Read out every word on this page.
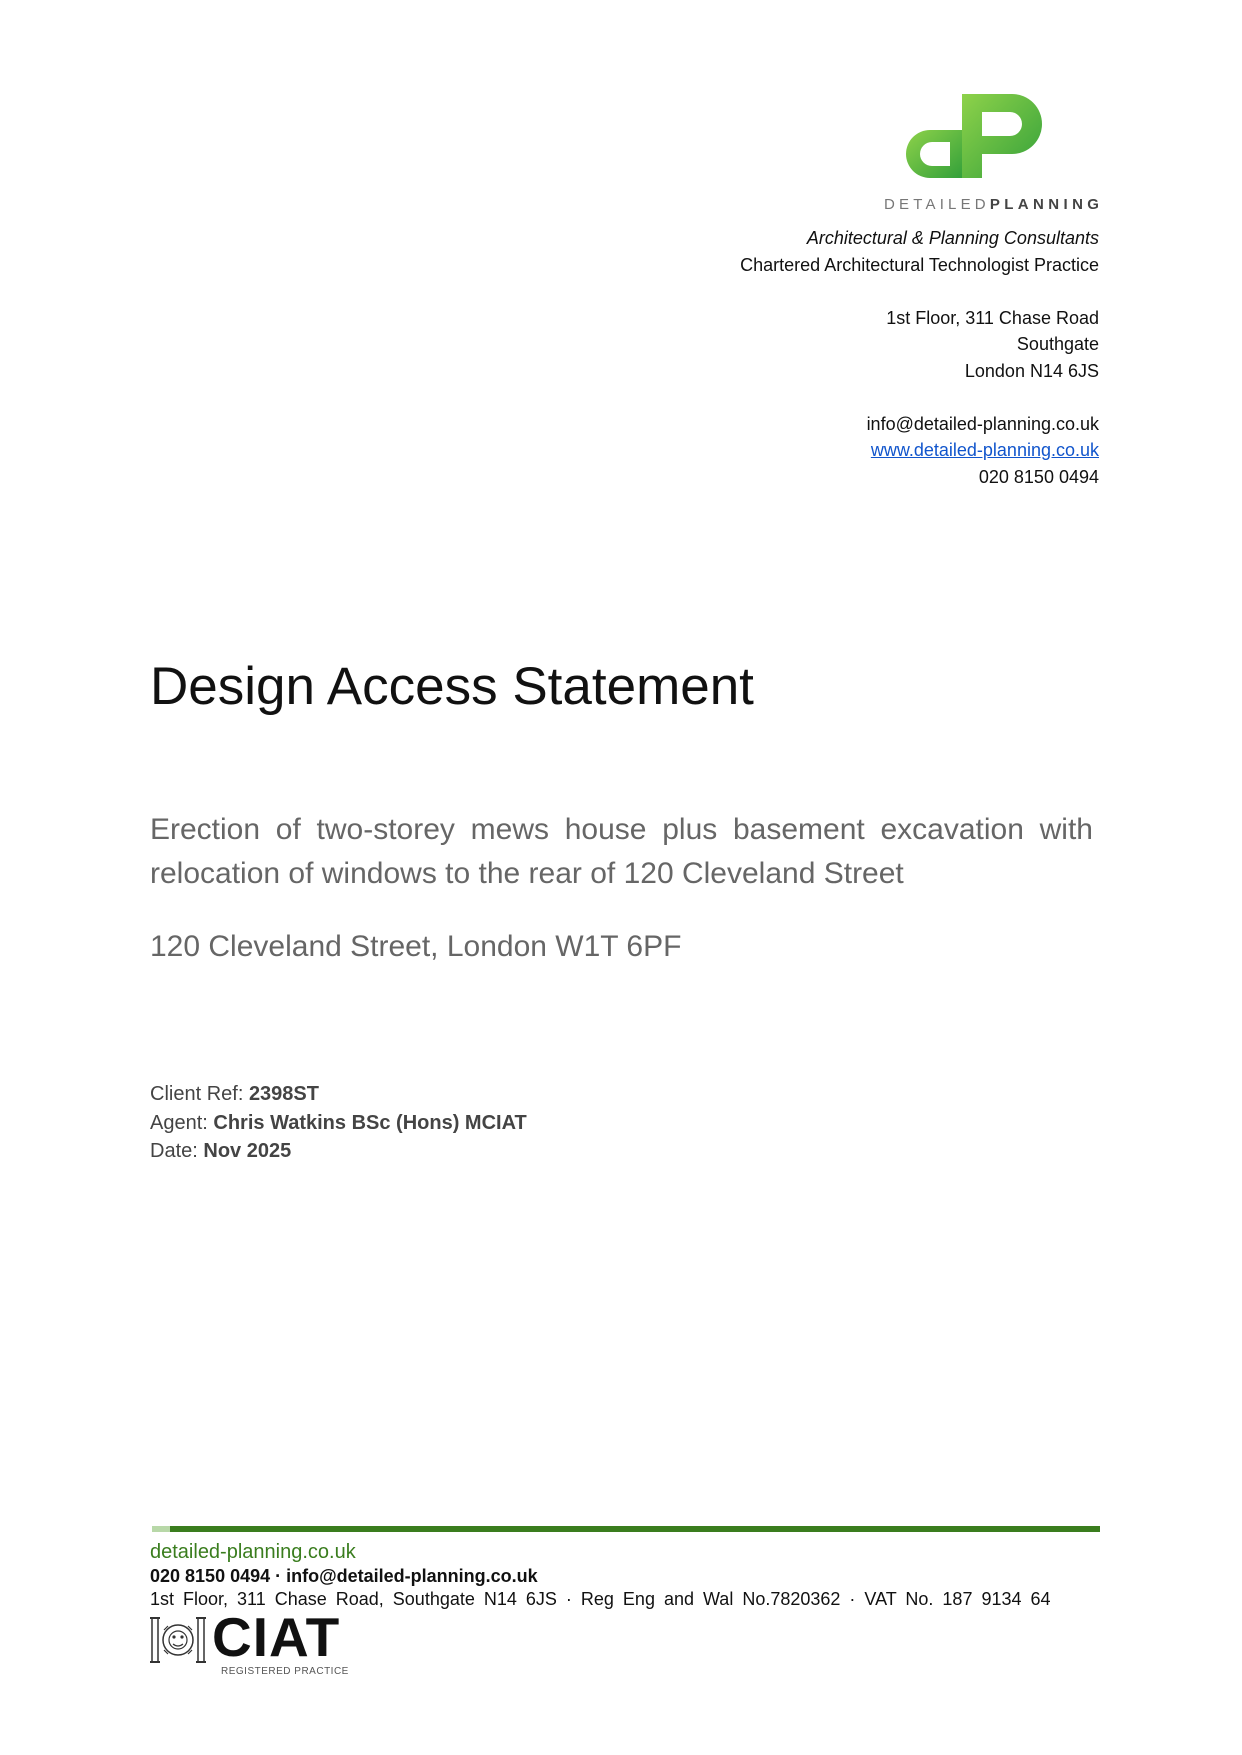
DETAILEDPLANNING
Architectural & Planning Consultants
Chartered Architectural Technologist Practice
1st Floor, 311 Chase Road
Southgate
London N14 6JS
info@detailed-planning.co.uk
www.detailed-planning.co.uk
020 8150 0494
Design Access Statement
Erection of two-storey mews house plus basement excavation with relocation of windows to the rear of 120 Cleveland Street
120 Cleveland Street, London W1T 6PF
Client Ref: 2398ST
Agent: Chris Watkins BSc (Hons) MCIAT
Date: Nov 2025
detailed-planning.co.uk
020 8150 0494 · info@detailed-planning.co.uk
1st Floor, 311 Chase Road, Southgate N14 6JS · Reg Eng and Wal No.7820362 · VAT No. 187 9134 64
CIAT
REGISTERED PRACTICE
